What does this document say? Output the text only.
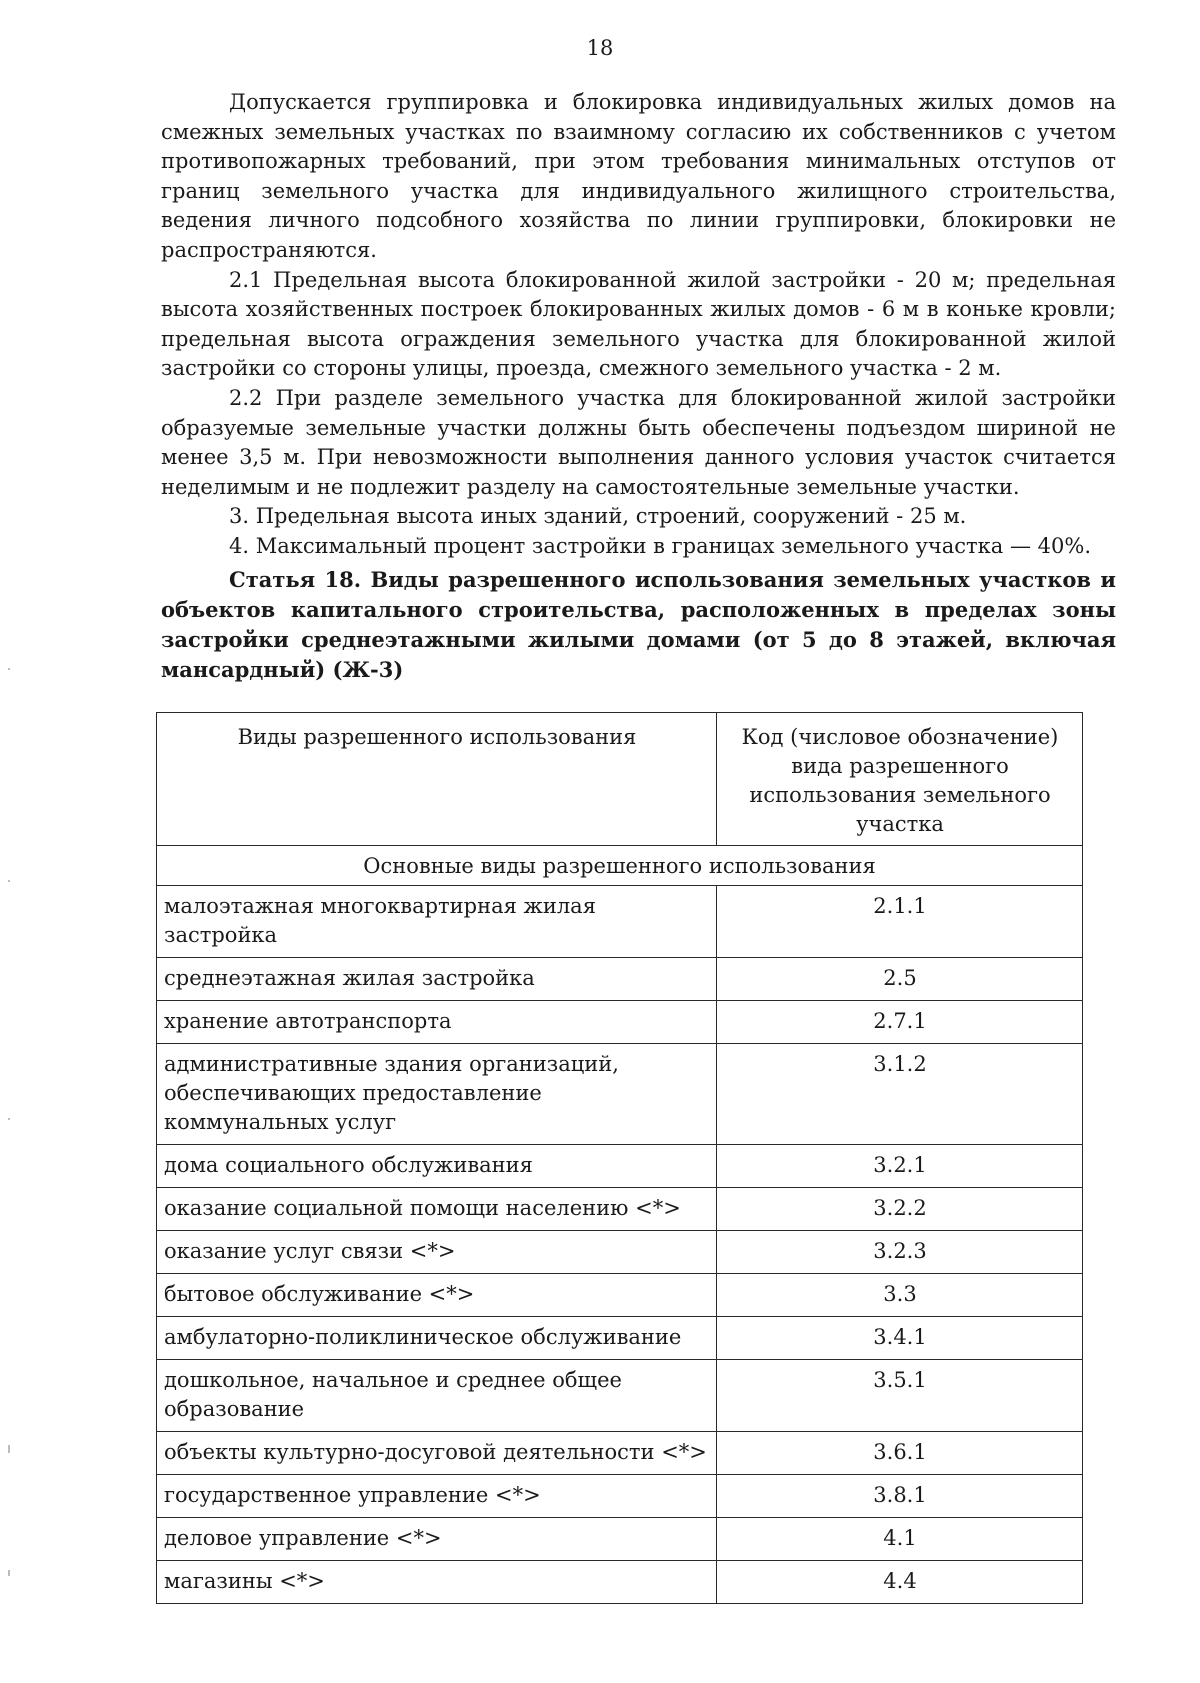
18

Допускается группировка и блокировка индивидуальных жилых домов на смежных земельных участках по взаимному согласию их собственников с учетом противопожарных требований, при этом требования минимальных отступов от границ земельного участка для индивидуального жилищного строительства, ведения личного подсобного хозяйства по линии группировки, блокировки не распространяются.

2.1 Предельная высота блокированной жилой застройки - 20 м; предельная высота хозяйственных построек блокированных жилых домов - 6 м в коньке кровли; предельная высота ограждения земельного участка для блокированной жилой застройки со стороны улицы, проезда, смежного земельного участка - 2 м.

2.2 При разделе земельного участка для блокированной жилой застройки образуемые земельные участки должны быть обеспечены подъездом шириной не менее 3,5 м. При невозможности выполнения данного условия участок считается неделимым и не подлежит разделу на самостоятельные земельные участки.

3. Предельная высота иных зданий, строений, сооружений - 25 м.

4. Максимальный процент застройки в границах земельного участка — 40%.

Статья 18. Виды разрешенного использования земельных участков и объектов капитального строительства, расположенных в пределах зоны застройки среднеэтажными жилыми домами (от 5 до 8 этажей, включая мансардный) (Ж-3)

Виды разрешенного использования	Код (числовое обозначение) вида разрешенного использования земельного участка
Основные виды разрешенного использования	
малоэтажная многоквартирная жилая застройка	2.1.1
среднеэтажная жилая застройка	2.5
хранение автотранспорта	2.7.1
административные здания организаций, обеспечивающих предоставление коммунальных услуг	3.1.2
дома социального обслуживания	3.2.1
оказание социальной помощи населению <*>	3.2.2
оказание услуг связи <*>	3.2.3
бытовое обслуживание <*>	3.3
амбулаторно-поликлиническое обслуживание	3.4.1
дошкольное, начальное и среднее общее образование	3.5.1
объекты культурно-досуговой деятельности <*>	3.6.1
государственное управление <*>	3.8.1
деловое управление <*>	4.1
магазины <*>	4.4
